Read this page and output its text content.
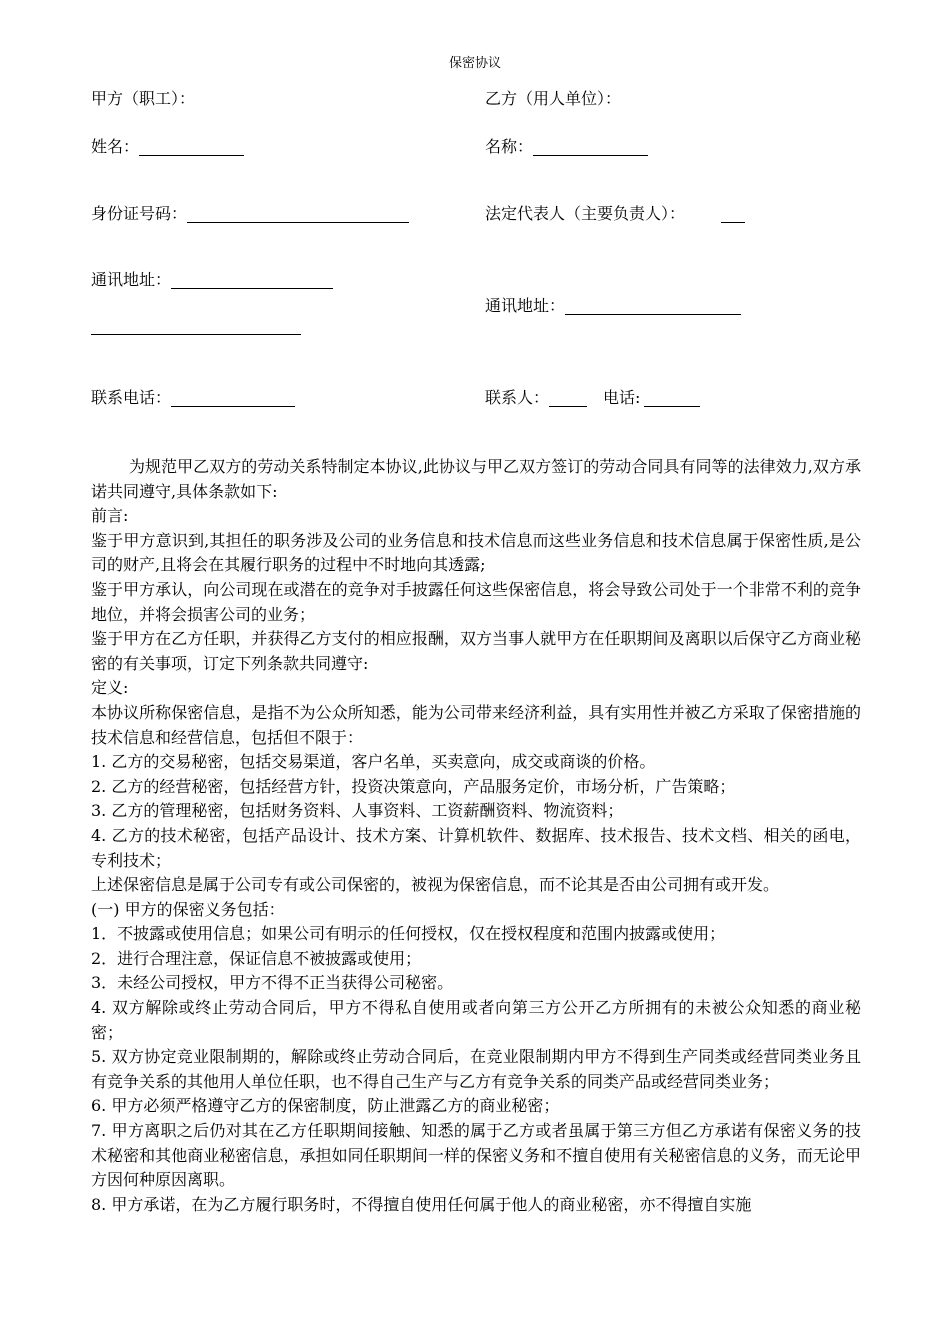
保密协议
甲方（职工）：
姓名：
身份证号码：
通讯地址：
联系电话：
乙方（用人单位）：
名称：
法定代表人（主要负责人）：
通讯地址：
联系人：	电话:

为规范甲乙双方的劳动关系特制定本协议,此协议与甲乙双方签订的劳动合同具有同等的法律效力,双方承诺共同遵守,具体条款如下:

前言:

鉴于甲方意识到,其担任的职务涉及公司的业务信息和技术信息而这些业务信息和技术信息属于保密性质,是公司的财产,且将会在其履行职务的过程中不时地向其透露;

鉴于甲方承认，向公司现在或潜在的竞争对手披露任何这些保密信息，将会导致公司处于一个非常不利的竞争地位，并将会损害公司的业务；

鉴于甲方在乙方任职，并获得乙方支付的相应报酬，双方当事人就甲方在任职期间及离职以后保守乙方商业秘密的有关事项，订定下列条款共同遵守:

定义:

本协议所称保密信息，是指不为公众所知悉，能为公司带来经济利益，具有实用性并被乙方采取了保密措施的技术信息和经营信息，包括但不限于：

1. 乙方的交易秘密，包括交易渠道，客户名单，买卖意向，成交或商谈的价格。

2. 乙方的经营秘密，包括经营方针，投资决策意向，产品服务定价，市场分析，广告策略；

3. 乙方的管理秘密，包括财务资料、人事资料、工资薪酬资料、物流资料；

4. 乙方的技术秘密，包括产品设计、技术方案、计算机软件、数据库、技术报告、技术文档、相关的函电，专利技术；

上述保密信息是属于公司专有或公司保密的，被视为保密信息，而不论其是否由公司拥有或开发。

(一) 甲方的保密义务包括：

1．不披露或使用信息；如果公司有明示的任何授权，仅在授权程度和范围内披露或使用；

2．进行合理注意，保证信息不被披露或使用；

3．未经公司授权，甲方不得不正当获得公司秘密。

4. 双方解除或终止劳动合同后，甲方不得私自使用或者向第三方公开乙方所拥有的未被公众知悉的商业秘密；

5. 双方协定竞业限制期的，解除或终止劳动合同后，在竞业限制期内甲方不得到生产同类或经营同类业务且有竞争关系的其他用人单位任职，也不得自己生产与乙方有竞争关系的同类产品或经营同类业务；

6. 甲方必须严格遵守乙方的保密制度，防止泄露乙方的商业秘密；

7. 甲方离职之后仍对其在乙方任职期间接触、知悉的属于乙方或者虽属于第三方但乙方承诺有保密义务的技术秘密和其他商业秘密信息，承担如同任职期间一样的保密义务和不擅自使用有关秘密信息的义务，而无论甲方因何种原因离职。

8. 甲方承诺，在为乙方履行职务时，不得擅自使用任何属于他人的商业秘密，亦不得擅自实施
